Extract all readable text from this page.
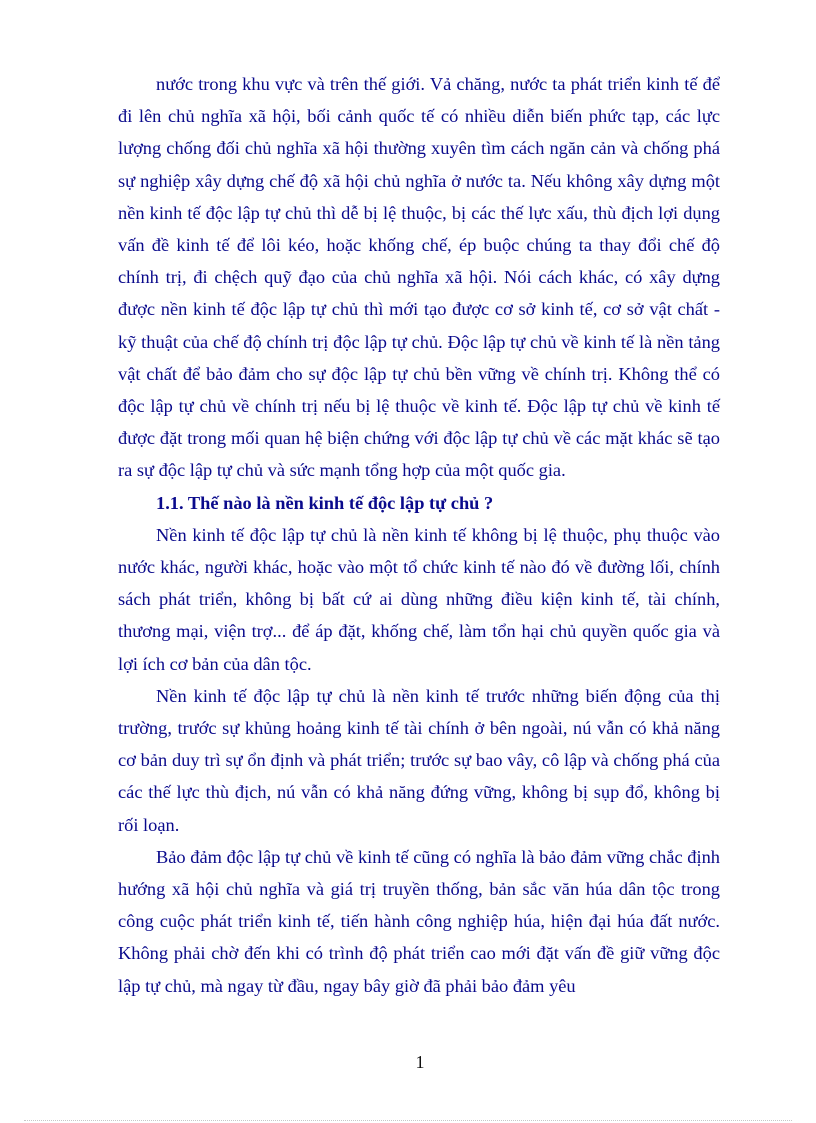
nước trong khu vực và trên thế giới. Vả chăng, nước ta phát triển kinh tế để đi lên chủ nghĩa xã hội, bối cảnh quốc tế có nhiều diễn biến phức tạp, các lực lượng chống đối chủ nghĩa xã hội thường xuyên tìm cách ngăn cản và chống phá sự nghiệp xây dựng chế độ xã hội chủ nghĩa ở nước ta. Nếu không xây dựng một nền kinh tế độc lập tự chủ thì dễ bị lệ thuộc, bị các thế lực xấu, thù địch lợi dụng vấn đề kinh tế để lôi kéo, hoặc khống chế, ép buộc chúng ta thay đổi chế độ chính trị, đi chệch quỹ đạo của chủ nghĩa xã hội. Nói cách khác, có xây dựng được nền kinh tế độc lập tự chủ thì mới tạo được cơ sở kinh tế, cơ sở vật chất - kỹ thuật của chế độ chính trị độc lập tự chủ. Độc lập tự chủ về kinh tế là nền tảng vật chất để bảo đảm cho sự độc lập tự chủ bền vững về chính trị. Không thể có độc lập tự chủ về chính trị nếu bị lệ thuộc về kinh tế. Độc lập tự chủ về kinh tế được đặt trong mối quan hệ biện chứng với độc lập tự chủ về các mặt khác sẽ tạo ra sự độc lập tự chủ và sức mạnh tổng hợp của một quốc gia.

1.1. Thế nào là nền kinh tế độc lập tự chủ ?

Nền kinh tế độc lập tự chủ là nền kinh tế không bị lệ thuộc, phụ thuộc vào nước khác, người khác, hoặc vào một tổ chức kinh tế nào đó về đường lối, chính sách phát triển, không bị bất cứ ai dùng những điều kiện kinh tế, tài chính, thương mại, viện trợ... để áp đặt, khống chế, làm tổn hại chủ quyền quốc gia và lợi ích cơ bản của dân tộc.

Nền kinh tế độc lập tự chủ là nền kinh tế trước những biến động của thị trường, trước sự khủng hoảng kinh tế tài chính ở bên ngoài, nú vẫn có khả năng cơ bản duy trì sự ổn định và phát triển; trước sự bao vây, cô lập và chống phá của các thế lực thù địch, nú vẫn có khả năng đứng vững, không bị sụp đổ, không bị rối loạn.

Bảo đảm độc lập tự chủ về kinh tế cũng có nghĩa là bảo đảm vững chắc định hướng xã hội chủ nghĩa và giá trị truyền thống, bản sắc văn húa dân tộc trong công cuộc phát triển kinh tế, tiến hành công nghiệp húa, hiện đại húa đất nước. Không phải chờ đến khi có trình độ phát triển cao mới đặt vấn đề giữ vững độc lập tự chủ, mà ngay từ đầu, ngay bây giờ đã phải bảo đảm yêu

1
